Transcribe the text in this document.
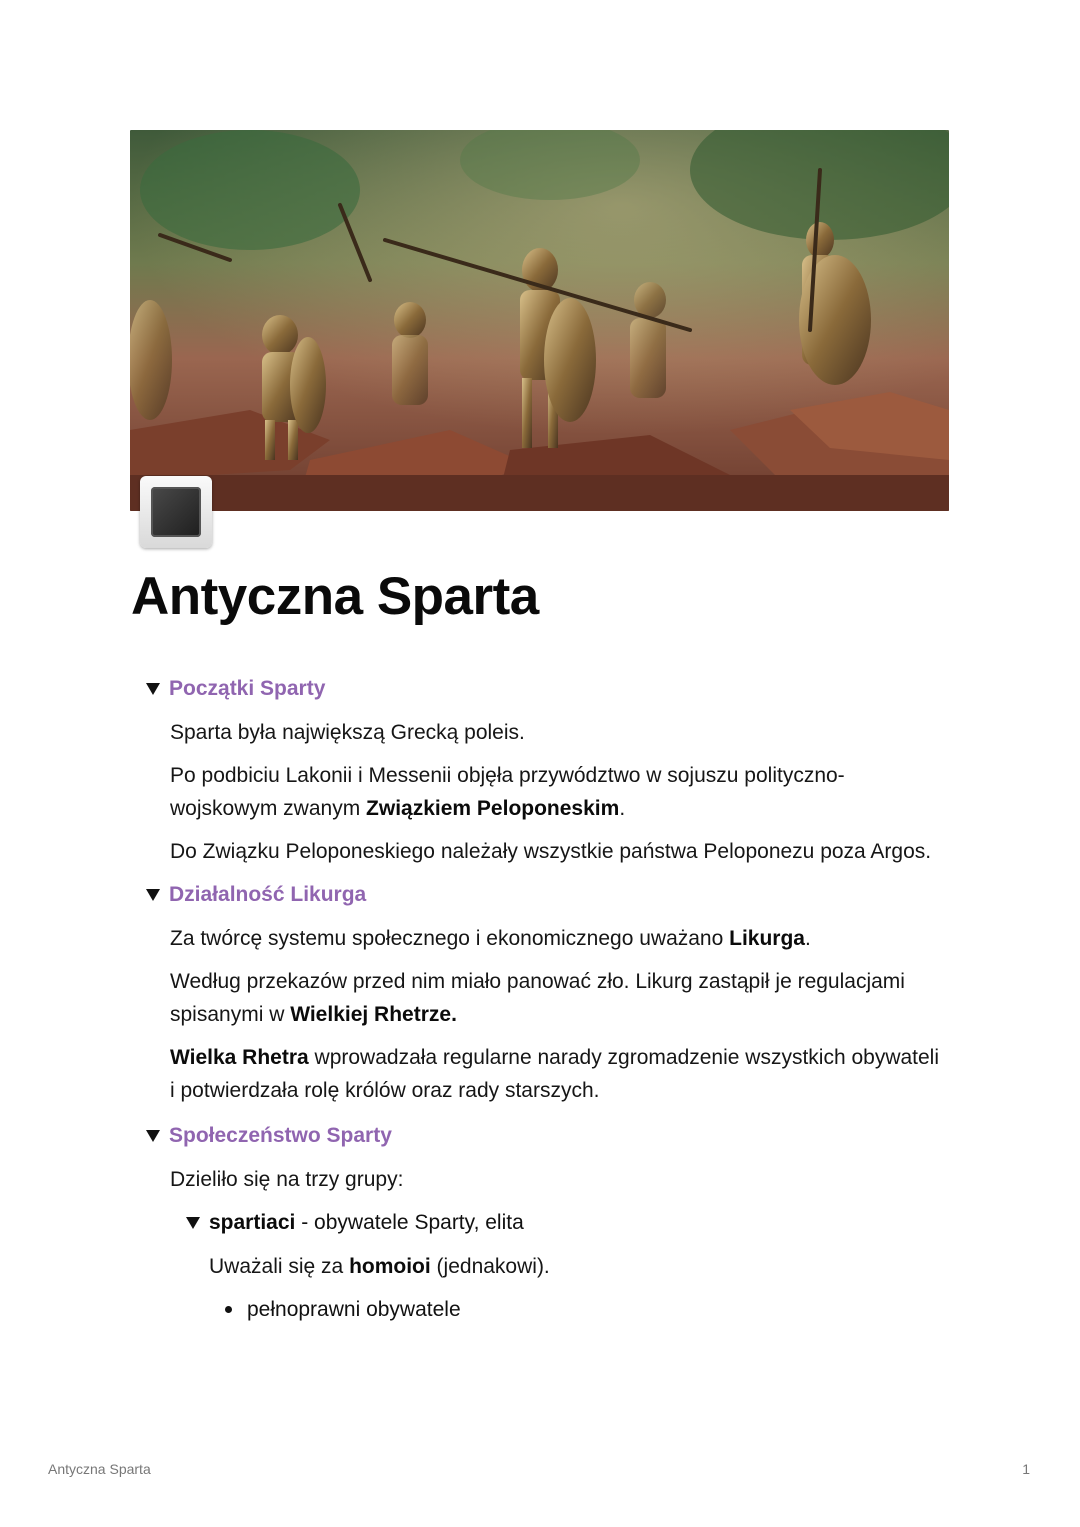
Antyczna Sparta
Początki Sparty

Sparta była największą Grecką poleis.

Po podbiciu Lakonii i Messenii objęła przywództwo w sojuszu polityczno-wojskowym zwanym Związkiem Peloponeskim.

Do Związku Peloponeskiego należały wszystkie państwa Peloponezu poza Argos.

Działalność Likurga

Za twórcę systemu społecznego i ekonomicznego uważano Likurga.

Według przekazów przed nim miało panować zło. Likurg zastąpił je regulacjami spisanymi w Wielkiej Rhetrze.

Wielka Rhetra wprowadzała regularne narady zgromadzenie wszystkich obywateli i potwierdzała rolę królów oraz rady starszych.

Społeczeństwo Sparty

Dzieliło się na trzy grupy:

spartiaci - obywatele Sparty, elita

Uważali się za homoioi (jednakowi).

pełnoprawni obywatele
Antyczna Sparta	1
